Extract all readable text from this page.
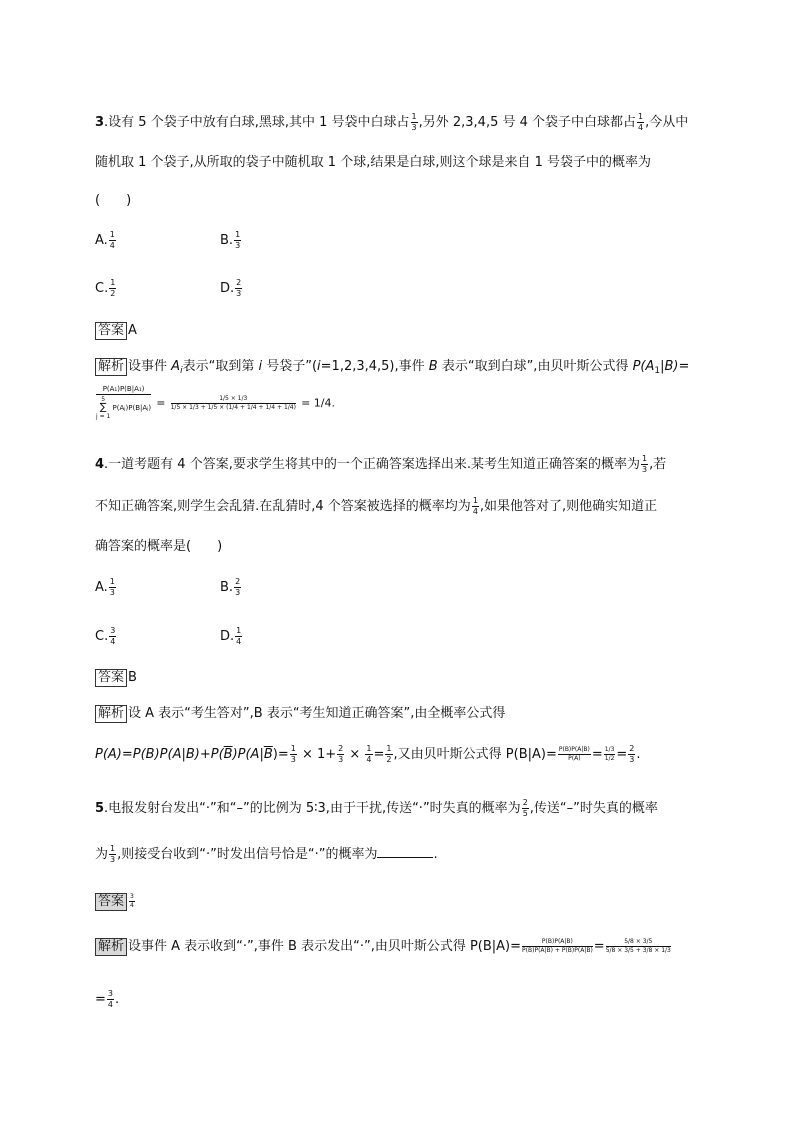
3.设有 5 个袋子中放有白球,黑球,其中 1 号袋中白球占 $\frac{1}{3}$ ,另外 2,3,4,5 号 4 个袋子中白球都占 $\frac{1}{4}$ ,今从中
随机取 1 个袋子,从所取的袋子中随机取 1 个球,结果是白球,则这个球是来自 1 号袋子中的概率为
(　　)
A. $\frac{1}{4}$	B. $\frac{1}{3}$
C. $\frac{1}{2}$	D. $\frac{2}{3}$
答案 A
解析 设事件 $A_i$表示“取到第 i 号袋子”(i=1,2,3,4,5),事件 B 表示“取到白球”,由贝叶斯公式得 $P(A_1|B)=$
P(A₁)P(B|A₁)
5
∑
j = 1 P(Aⱼ)P(B|Aⱼ) = $\frac{1/5 \times 1/3}{1/5 \times 1/3 + 1/5 \times (1/4 + 1/4 + 1/4 + 1/4)} = 1/4$.
4.一道考题有 4 个答案,要求学生将其中的一个正确答案选择出来.某考生知道正确答案的概率为 $\frac{1}{3}$ ,若
不知正确答案,则学生会乱猜.在乱猜时,4 个答案被选择的概率均为 $\frac{1}{4}$ ,如果他答对了,则他确实知道正
确答案的概率是(　　)
A. $\frac{1}{3}$	B. $\frac{2}{3}$
C. $\frac{3}{4}$	D. $\frac{1}{4}$
答案 B
解析 设 A 表示“考生答对”,B 表示“考生知道正确答案”,由全概率公式得
$P(A)=P(B)P(A|B)+P(\overline{B})P(A|\overline{B})= \frac{1}{3} \times 1+ \frac{2}{3} \times \frac{1}{4} = \frac{1}{2}$ ,又由贝叶斯公式得 $P(B|A)= \frac{P(B)P(A|B)}{P(A)} = \frac{1/3}{1/2} = \frac{2}{3}$ .
5.电报发射台发出“·”和“–”的比例为 5∶3,由于干扰,传送“·”时失真的概率为 $\frac{2}{5}$ ,传送“–”时失真的概率
为 $\frac{1}{3}$ ,则接受台收到“·”时发出信号恰是“·”的概率为	.
答案 $\frac{3}{4}$
解析 设事件 A 表示收到“·”,事件 B 表示发出“·”,由贝叶斯公式得 $P(B|A)= \frac{P(B)P(A|B)}{P(B)P(A|B) + P(B̄)P(A|B̄)} = \frac{5/8 \times 3/5}{5/8 \times 3/5 + 3/8 \times 1/3}$
= $\frac{3}{4}$ .
